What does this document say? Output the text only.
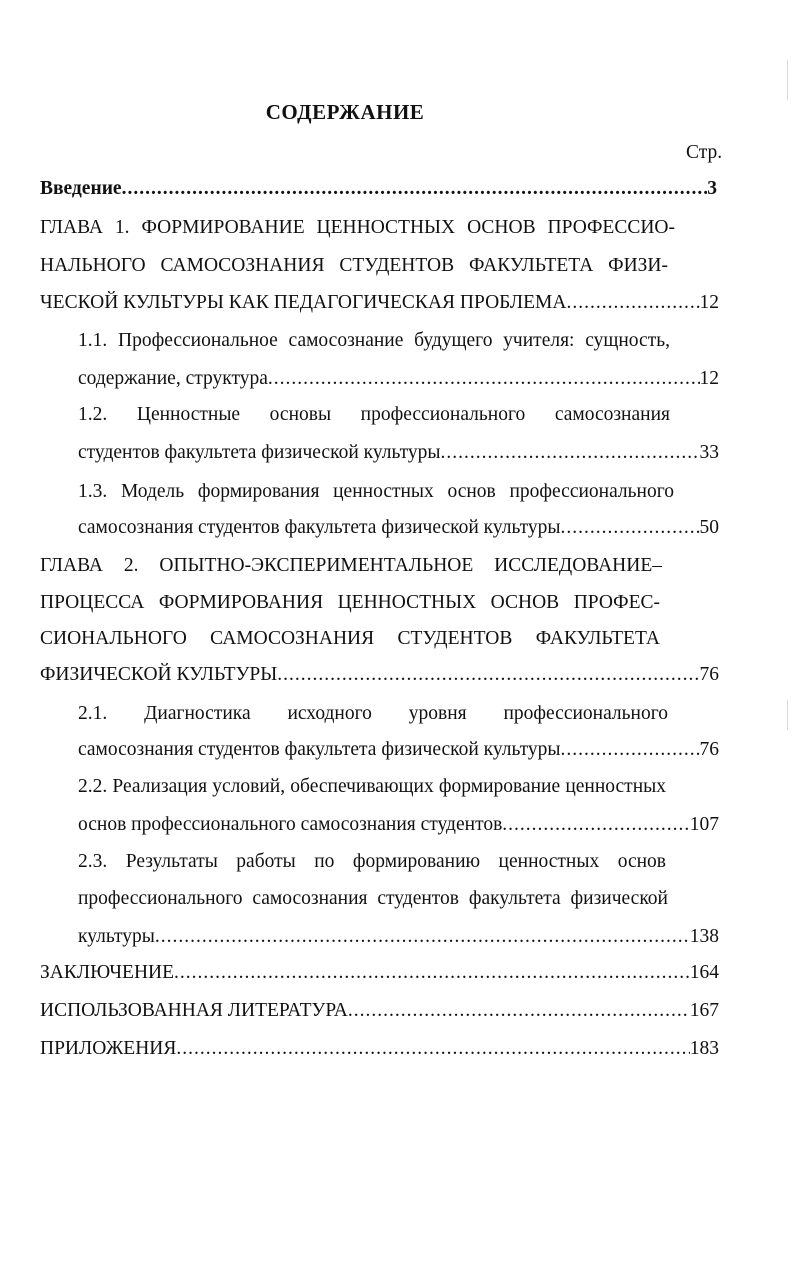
СОДЕРЖАНИЕ
Стр.
Введение .....	3
ГЛАВА 1. ФОРМИРОВАНИЕ ЦЕННОСТНЫХ ОСНОВ ПРОФЕССИО-
НАЛЬНОГО САМОСОЗНАНИЯ СТУДЕНТОВ ФАКУЛЬТЕТА ФИЗИ-
ЧЕСКОЙ КУЛЬТУРЫ КАК ПЕДАГОГИЧЕСКАЯ ПРОБЛЕМА .....	12
1.1. Профессиональное самосознание будущего учителя: сущность,
содержание, структура .....	12
1.2. Ценностные основы профессионального самосознания
студентов факультета физической культуры .....	33
1.3. Модель формирования ценностных основ профессионального
самосознания студентов факультета физической культуры .....	50
ГЛАВА 2. ОПЫТНО-ЭКСПЕРИМЕНТАЛЬНОЕ ИССЛЕДОВАНИЕ–
ПРОЦЕССА ФОРМИРОВАНИЯ ЦЕННОСТНЫХ ОСНОВ ПРОФЕС-
СИОНАЛЬНОГО САМОСОЗНАНИЯ СТУДЕНТОВ ФАКУЛЬТЕТА
ФИЗИЧЕСКОЙ КУЛЬТУРЫ .....	76
2.1. Диагностика исходного уровня профессионального
самосознания студентов факультета физической культуры .....	76
2.2. Реализация условий, обеспечивающих формирование ценностных
основ профессионального самосознания студентов .....	107
2.3. Результаты работы по формированию ценностных основ
профессионального самосознания студентов факультета физической
культуры .....	138
ЗАКЛЮЧЕНИЕ .....	164
ИСПОЛЬЗОВАННАЯ ЛИТЕРАТУРА .....	167
ПРИЛОЖЕНИЯ .....	183
